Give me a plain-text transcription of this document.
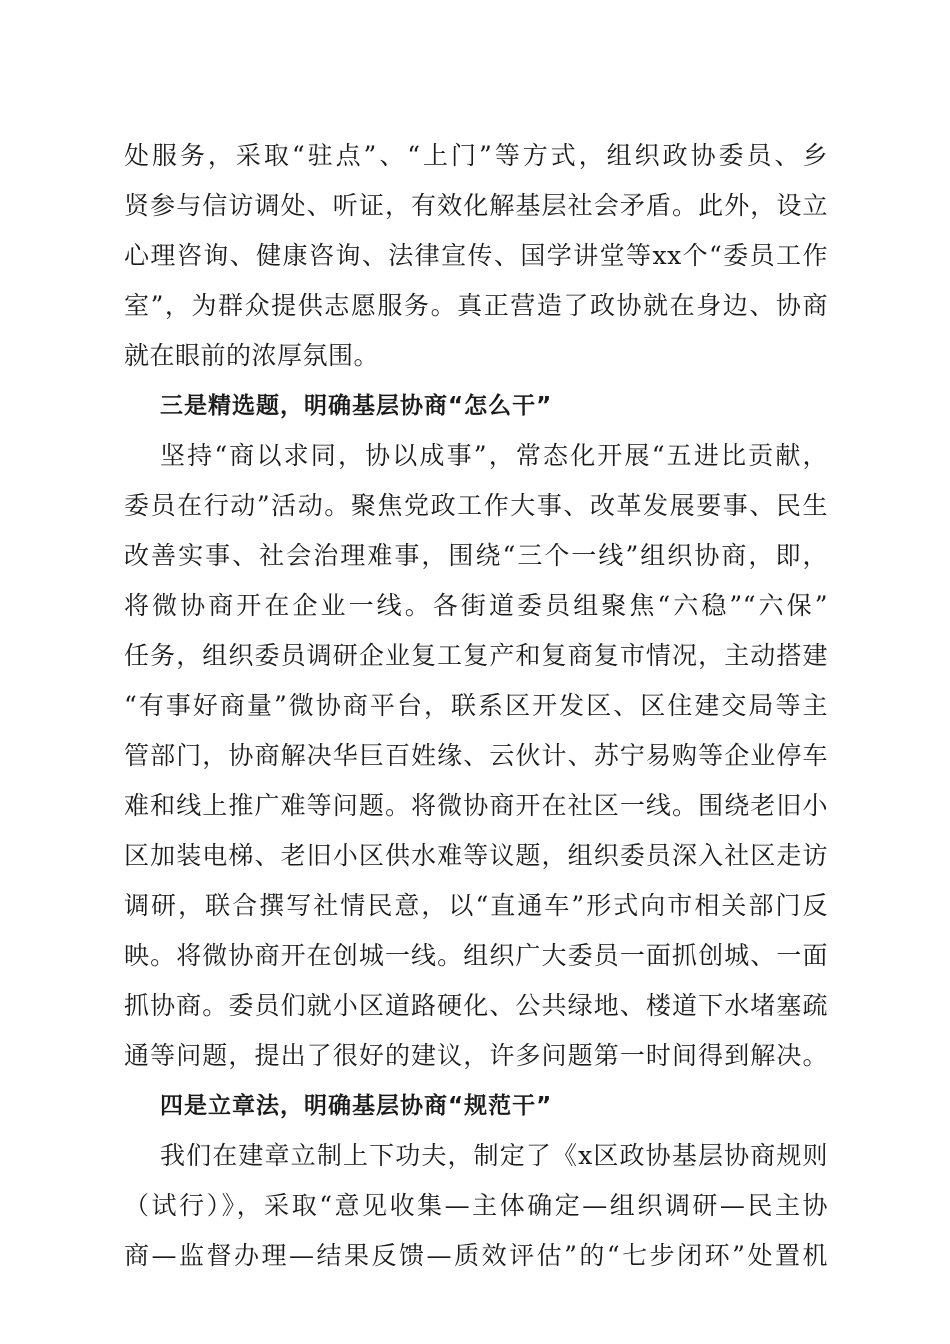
处服务，采取“驻点”、“上门”等方式，组织政协委员、乡
贤参与信访调处、听证，有效化解基层社会矛盾。此外，设立
心理咨询、健康咨询、法律宣传、国学讲堂等xx个“委员工作
室”，为群众提供志愿服务。真正营造了政协就在身边、协商
就在眼前的浓厚氛围。
三是精选题，明确基层协商“怎么干”
坚持“商以求同，协以成事”，常态化开展“五进比贡献，
委员在行动”活动。聚焦党政工作大事、改革发展要事、民生
改善实事、社会治理难事，围绕“三个一线”组织协商，即，
将微协商开在企业一线。各街道委员组聚焦“六稳”“六保”
任务，组织委员调研企业复工复产和复商复市情况，主动搭建
“有事好商量”微协商平台，联系区开发区、区住建交局等主
管部门，协商解决华巨百姓缘、云伙计、苏宁易购等企业停车
难和线上推广难等问题。将微协商开在社区一线。围绕老旧小
区加装电梯、老旧小区供水难等议题，组织委员深入社区走访
调研，联合撰写社情民意，以“直通车”形式向市相关部门反
映。将微协商开在创城一线。组织广大委员一面抓创城、一面
抓协商。委员们就小区道路硬化、公共绿地、楼道下水堵塞疏
通等问题，提出了很好的建议，许多问题第一时间得到解决。
四是立章法，明确基层协商“规范干”
我们在建章立制上下功夫，制定了《x区政协基层协商规则
（试行）》，采取“意见收集—主体确定—组织调研—民主协
商—监督办理—结果反馈—质效评估”的“七步闭环”处置机
